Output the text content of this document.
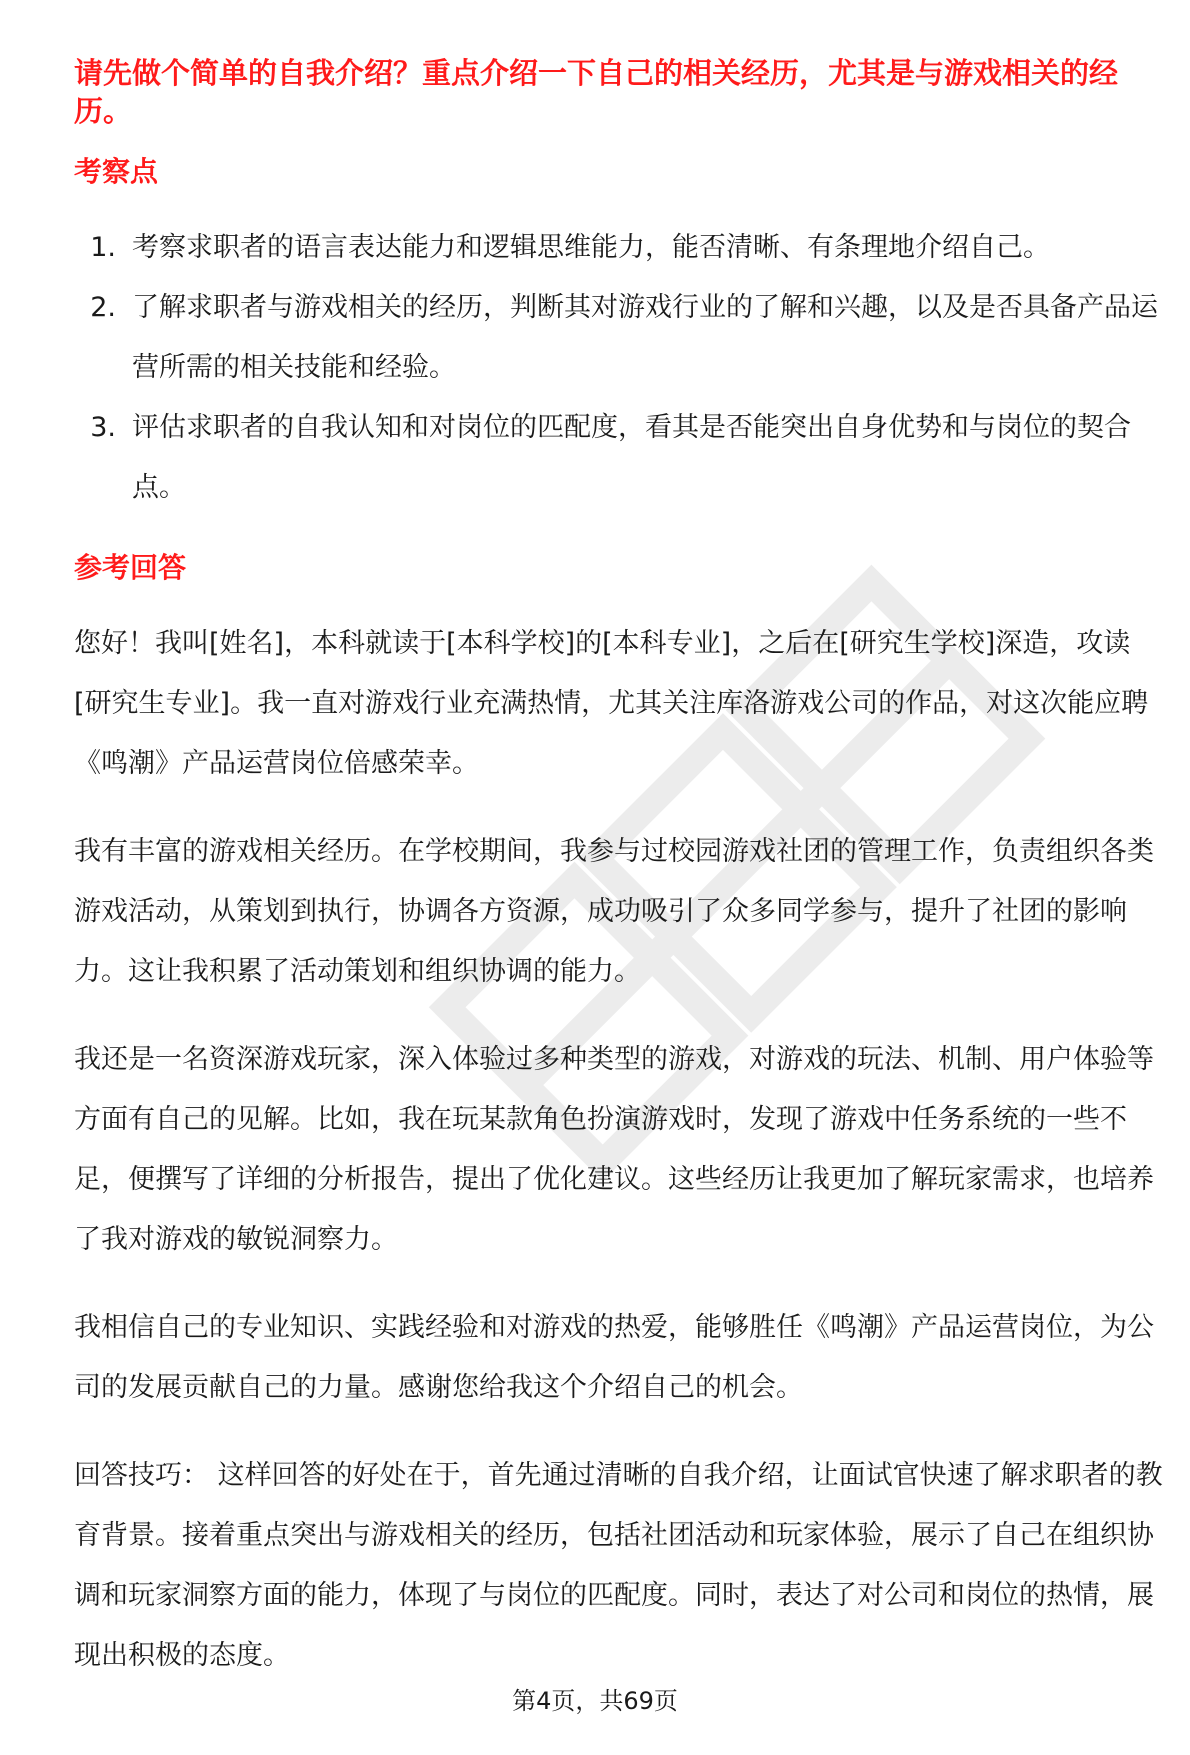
请先做个简单的自我介绍？重点介绍一下自己的相关经历，尤其是与游戏相关的经历。

考察点
1. 考察求职者的语言表达能力和逻辑思维能力，能否清晰、有条理地介绍自己。
2. 了解求职者与游戏相关的经历，判断其对游戏行业的了解和兴趣，以及是否具备产品运营所需的相关技能和经验。
3. 评估求职者的自我认知和对岗位的匹配度，看其是否能突出自身优势和与岗位的契合点。
参考回答

您好！我叫[姓名]，本科就读于[本科学校]的[本科专业]，之后在[研究生学校]深造，攻读[研究生专业]。我一直对游戏行业充满热情，尤其关注库洛游戏公司的作品，对这次能应聘《鸣潮》产品运营岗位倍感荣幸。

我有丰富的游戏相关经历。在学校期间，我参与过校园游戏社团的管理工作，负责组织各类游戏活动，从策划到执行，协调各方资源，成功吸引了众多同学参与，提升了社团的影响力。这让我积累了活动策划和组织协调的能力。

我还是一名资深游戏玩家，深入体验过多种类型的游戏，对游戏的玩法、机制、用户体验等方面有自己的见解。比如，我在玩某款角色扮演游戏时，发现了游戏中任务系统的一些不足，便撰写了详细的分析报告，提出了优化建议。这些经历让我更加了解玩家需求，也培养了我对游戏的敏锐洞察力。

我相信自己的专业知识、实践经验和对游戏的热爱，能够胜任《鸣潮》产品运营岗位，为公司的发展贡献自己的力量。感谢您给我这个介绍自己的机会。

回答技巧： 这样回答的好处在于，首先通过清晰的自我介绍，让面试官快速了解求职者的教育背景。接着重点突出与游戏相关的经历，包括社团活动和玩家体验，展示了自己在组织协调和玩家洞察方面的能力，体现了与岗位的匹配度。同时，表达了对公司和岗位的热情，展现出积极的态度。

第4页，共69页
